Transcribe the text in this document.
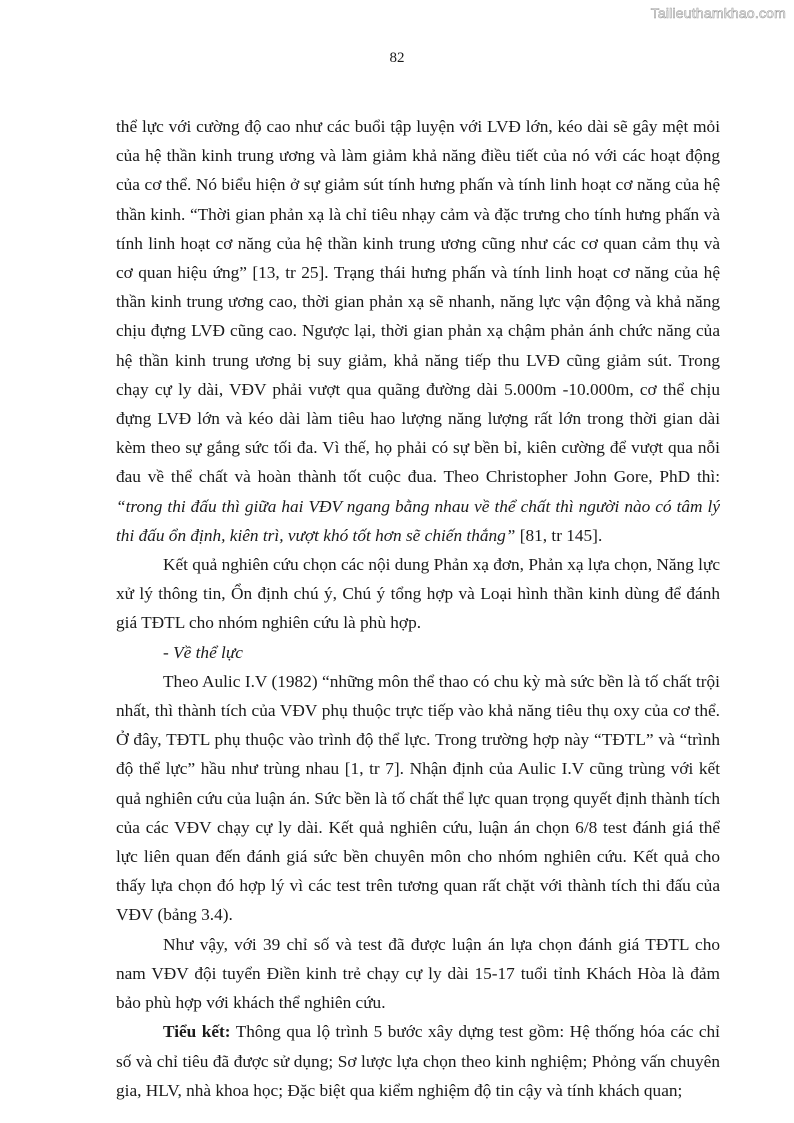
Tailieuthamkhao.com
82

thể lực với cường độ cao như các buổi tập luyện với LVĐ lớn, kéo dài sẽ gây mệt mỏi của hệ thần kinh trung ương và làm giảm khả năng điều tiết của nó với các hoạt động của cơ thể. Nó biểu hiện ở sự giảm sút tính hưng phấn và tính linh hoạt cơ năng của hệ thần kinh. “Thời gian phản xạ là chỉ tiêu nhạy cảm và đặc trưng cho tính hưng phấn và tính linh hoạt cơ năng của hệ thần kinh trung ương cũng như các cơ quan cảm thụ và cơ quan hiệu ứng” [13, tr 25]. Trạng thái hưng phấn và tính linh hoạt cơ năng của hệ thần kinh trung ương cao, thời gian phản xạ sẽ nhanh, năng lực vận động và khả năng chịu đựng LVĐ cũng cao. Ngược lại, thời gian phản xạ chậm phản ánh chức năng của hệ thần kinh trung ương bị suy giảm, khả năng tiếp thu LVĐ cũng giảm sút. Trong chạy cự ly dài, VĐV phải vượt qua quãng đường dài 5.000m -10.000m, cơ thể chịu đựng LVĐ lớn và kéo dài làm tiêu hao lượng năng lượng rất lớn trong thời gian dài kèm theo sự gắng sức tối đa. Vì thế, họ phải có sự bền bỉ, kiên cường để vượt qua nỗi đau về thể chất và hoàn thành tốt cuộc đua. Theo Christopher John Gore, PhD thì: “trong thi đấu thì giữa hai VĐV ngang bằng nhau về thể chất thì người nào có tâm lý thi đấu ổn định, kiên trì, vượt khó tốt hơn sẽ chiến thắng” [81, tr 145].

Kết quả nghiên cứu chọn các nội dung Phản xạ đơn, Phản xạ lựa chọn, Năng lực xử lý thông tin, Ổn định chú ý, Chú ý tổng hợp và Loại hình thần kinh dùng để đánh giá TĐTL cho nhóm nghiên cứu là phù hợp.

- Về thể lực

Theo Aulic I.V (1982) “những môn thể thao có chu kỳ mà sức bền là tố chất trội nhất, thì thành tích của VĐV phụ thuộc trực tiếp vào khả năng tiêu thụ oxy của cơ thể. Ở đây, TĐTL phụ thuộc vào trình độ thể lực. Trong trường hợp này “TĐTL” và “trình độ thể lực” hầu như trùng nhau [1, tr 7]. Nhận định của Aulic I.V cũng trùng với kết quả nghiên cứu của luận án. Sức bền là tố chất thể lực quan trọng quyết định thành tích của các VĐV chạy cự ly dài. Kết quả nghiên cứu, luận án chọn 6/8 test đánh giá thể lực liên quan đến đánh giá sức bền chuyên môn cho nhóm nghiên cứu. Kết quả cho thấy lựa chọn đó hợp lý vì các test trên tương quan rất chặt với thành tích thi đấu của VĐV (bảng 3.4).

Như vậy, với 39 chỉ số và test đã được luận án lựa chọn đánh giá TĐTL cho nam VĐV đội tuyển Điền kinh trẻ chạy cự ly dài 15-17 tuổi tỉnh Khách Hòa là đảm bảo phù hợp với khách thể nghiên cứu.

Tiểu kết: Thông qua lộ trình 5 bước xây dựng test gồm: Hệ thống hóa các chỉ số và chỉ tiêu đã được sử dụng; Sơ lược lựa chọn theo kinh nghiệm; Phỏng vấn chuyên gia, HLV, nhà khoa học; Đặc biệt qua kiểm nghiệm độ tin cậy và tính khách quan;
